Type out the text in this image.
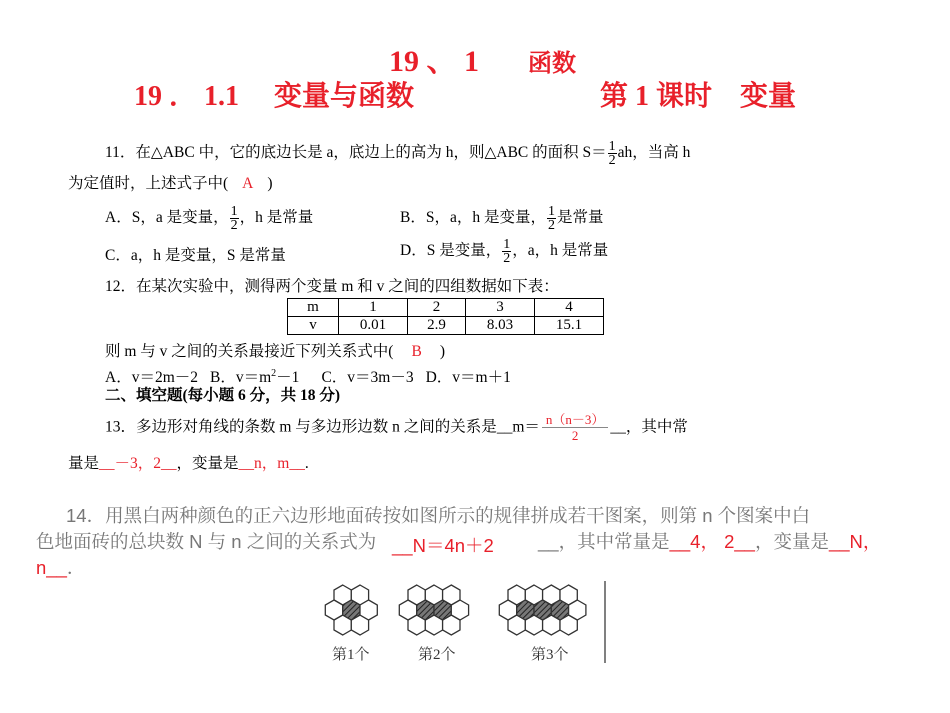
19 、 1 函数
19 ． 1.1　 变量与函数	第 1 课时　变量
11．在△ABC 中，它的底边长是 a，底边上的高为 h，则△ABC 的面积 $S= \frac{1}{2}$ ah，当高 h
为定值时，上述式子中( A )
A．S，a 是变量， $\frac{1}{2}$ ，h 是常量	B．S，a，h 是变量， $\frac{1}{2}$ 是常量
C．a，h 是变量，S 是常量	D．S 是变量， $\frac{1}{2}$ ，a，h 是常量
12．在某次实验中，测得两个变量 m 和 v 之间的四组数据如下表：
m	1	2	3	4
v	0.01	2.9	8.03	15.1
则 m 与 v 之间的关系最接近下列关系式中( B )
A．v＝2m－2 B．$v=m^2-1$ C．v＝3m－3 D．v＝m＋1
二、填空题(每小题 6 分，共 18 分)
13．多边形对角线的条数 m 与多边形边数 n 之间的关系是__m＝ $\frac{n(n-3)}{2}$ __，其中常
量是__－3，2__，变量是__n，m__.
14．用黑白两种颜色的正六边形地面砖按如图所示的规律拼成若干图案，则第 n 个图案中白
色地面砖的总块数 N 与 n 之间的关系式为 __N＝4n＋2 __，其中常量是__4， 2__，变量是__N，
n__．
第1个	第2个	第3个
